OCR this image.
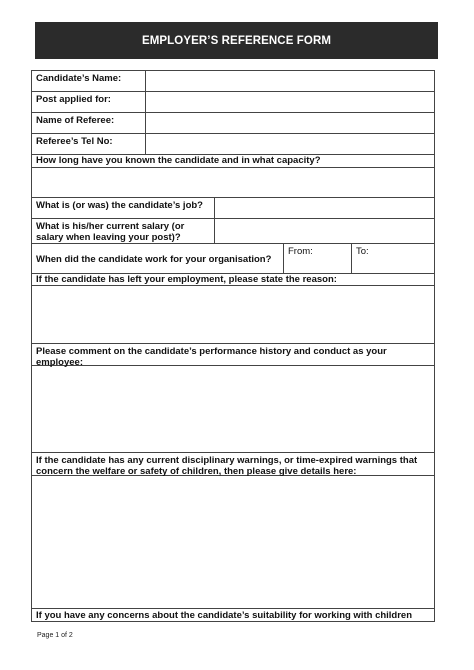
EMPLOYER’S REFERENCE FORM
Candidate’s Name:
Post applied for:
Name of Referee:
Referee’s Tel No:
How long have you known the candidate and in what capacity?
What is (or was) the candidate’s job?
What is his/her current salary (or
salary when leaving your post)?
When did the candidate work for your organisation?
From:	To:
If the candidate has left your employment, please state the reason:
Please comment on the candidate’s performance history and conduct as your employee:
If the candidate has any current disciplinary warnings, or time-expired warnings that concern the welfare or safety of children, then please give details here:
If you have any concerns about the candidate’s suitability for working with children
Page 1 of 2
